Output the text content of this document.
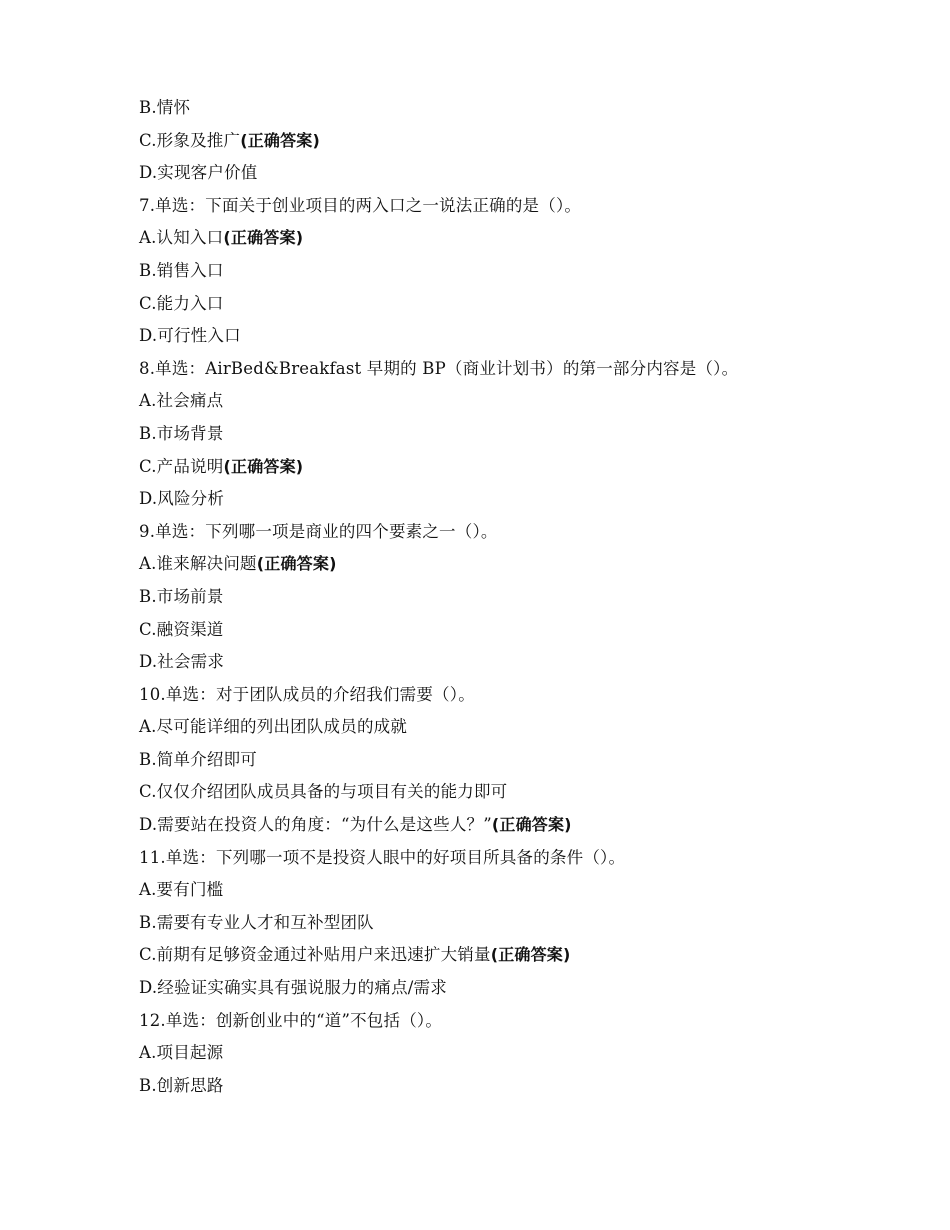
B.情怀
C.形象及推广(正确答案)
D.实现客户价值
7.单选：下面关于创业项目的两入口之一说法正确的是（）。
A.认知入口(正确答案)
B.销售入口
C.能力入口
D.可行性入口
8.单选：AirBed&Breakfast 早期的 BP（商业计划书）的第一部分内容是（）。
A.社会痛点
B.市场背景
C.产品说明(正确答案)
D.风险分析
9.单选：下列哪一项是商业的四个要素之一（）。
A.谁来解决问题(正确答案)
B.市场前景
C.融资渠道
D.社会需求
10.单选：对于团队成员的介绍我们需要（）。
A.尽可能详细的列出团队成员的成就
B.简单介绍即可
C.仅仅介绍团队成员具备的与项目有关的能力即可
D.需要站在投资人的角度：“为什么是这些人？”(正确答案)
11.单选：下列哪一项不是投资人眼中的好项目所具备的条件（）。
A.要有门槛
B.需要有专业人才和互补型团队
C.前期有足够资金通过补贴用户来迅速扩大销量(正确答案)
D.经验证实确实具有强说服力的痛点/需求
12.单选：创新创业中的“道”不包括（）。
A.项目起源
B.创新思路
